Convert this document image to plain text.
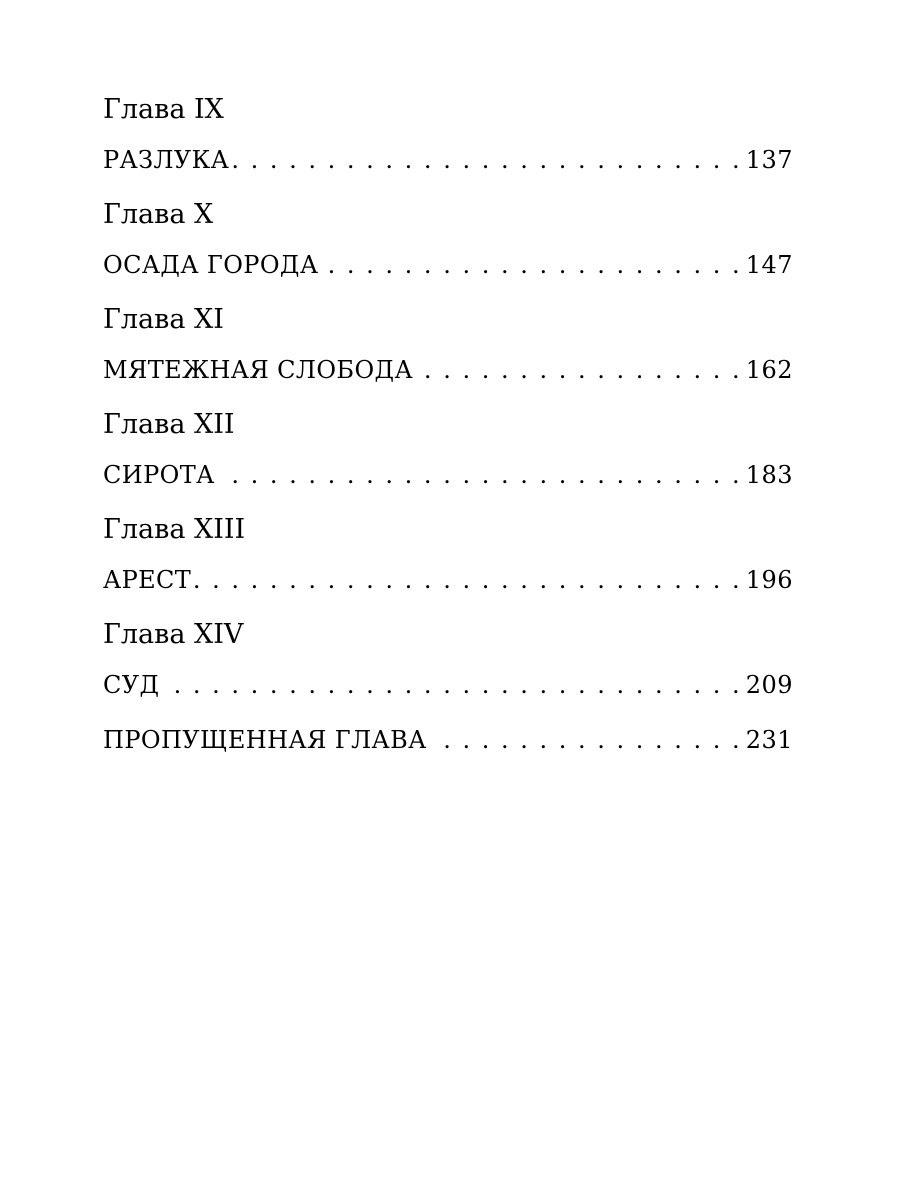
Глава IX
РАЗЛУКА . . .	137
Глава X
ОСАДА ГОРОДА . . .	147
Глава XI
МЯТЕЖНАЯ СЛОБОДА . . .	162
Глава XII
СИРОТА . . .	183
Глава XIII
АРЕСТ . . .	196
Глава XIV
СУД . . .	209
ПРОПУЩЕННАЯ ГЛАВА . . .	231
